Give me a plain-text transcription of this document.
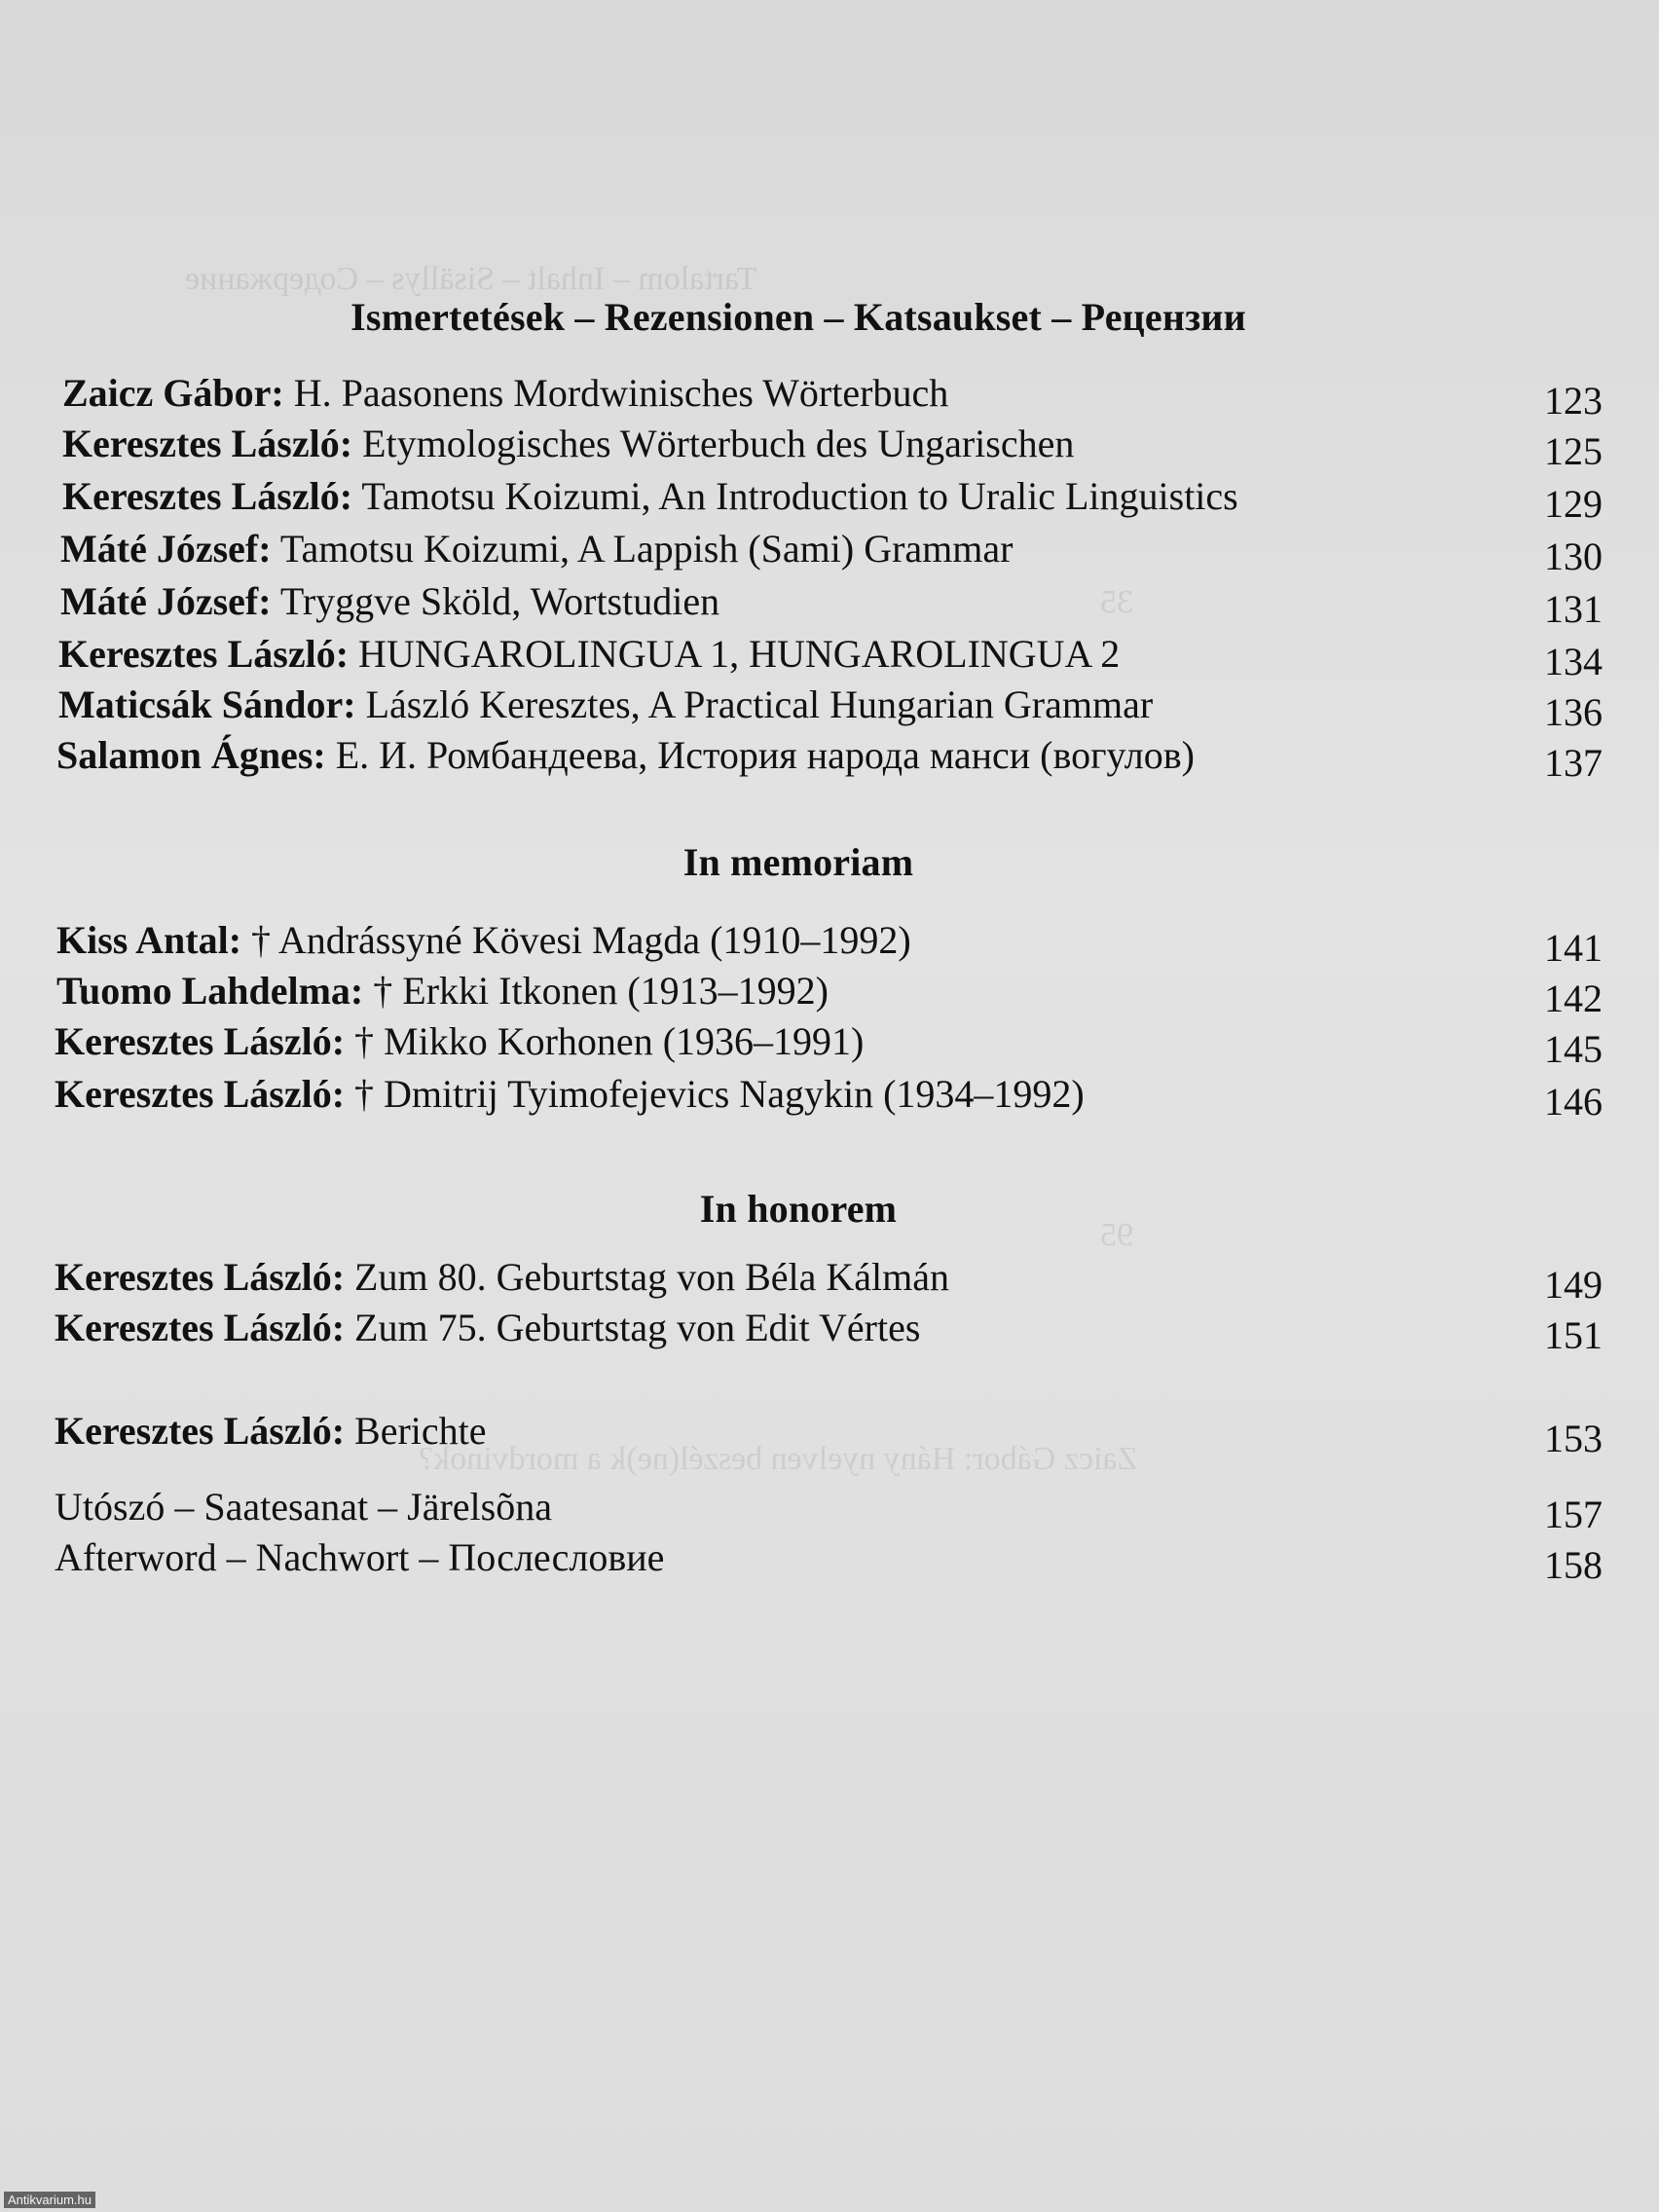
Tartalom – Inhalt – Sisällys – Содержание
35
95
Zaicz Gábor: Hány nyelven beszél(ne)k a mordvinok?
Ismertetések – Rezensionen – Katsaukset – Рецензии
Zaicz Gábor: H. Paasonens Mordwinisches Wörterbuch	123
Keresztes László: Etymologisches Wörterbuch des Ungarischen	125
Keresztes László: Tamotsu Koizumi, An Introduction to Uralic Linguistics	129
Máté József: Tamotsu Koizumi, A Lappish (Sami) Grammar	130
Máté József: Tryggve Sköld, Wortstudien	131
Keresztes László: HUNGAROLINGUA 1, HUNGAROLINGUA 2	134
Maticsák Sándor: László Keresztes, A Practical Hungarian Grammar	136
Salamon Ágnes: Е. И. Ромбандеева, История народа манси (вогулов)	137
In memoriam
Kiss Antal: † Andrássyné Kövesi Magda (1910–1992)	141
Tuomo Lahdelma: † Erkki Itkonen (1913–1992)	142
Keresztes László: † Mikko Korhonen (1936–1991)	145
Keresztes László: † Dmitrij Tyimofejevics Nagykin (1934–1992)	146
In honorem
Keresztes László: Zum 80. Geburtstag von Béla Kálmán	149
Keresztes László: Zum 75. Geburtstag von Edit Vértes	151
Keresztes László: Berichte	153
Utószó – Saatesanat – Järelsõna	157
Afterword – Nachwort – Послесловие	158
Antikvarium.hu
